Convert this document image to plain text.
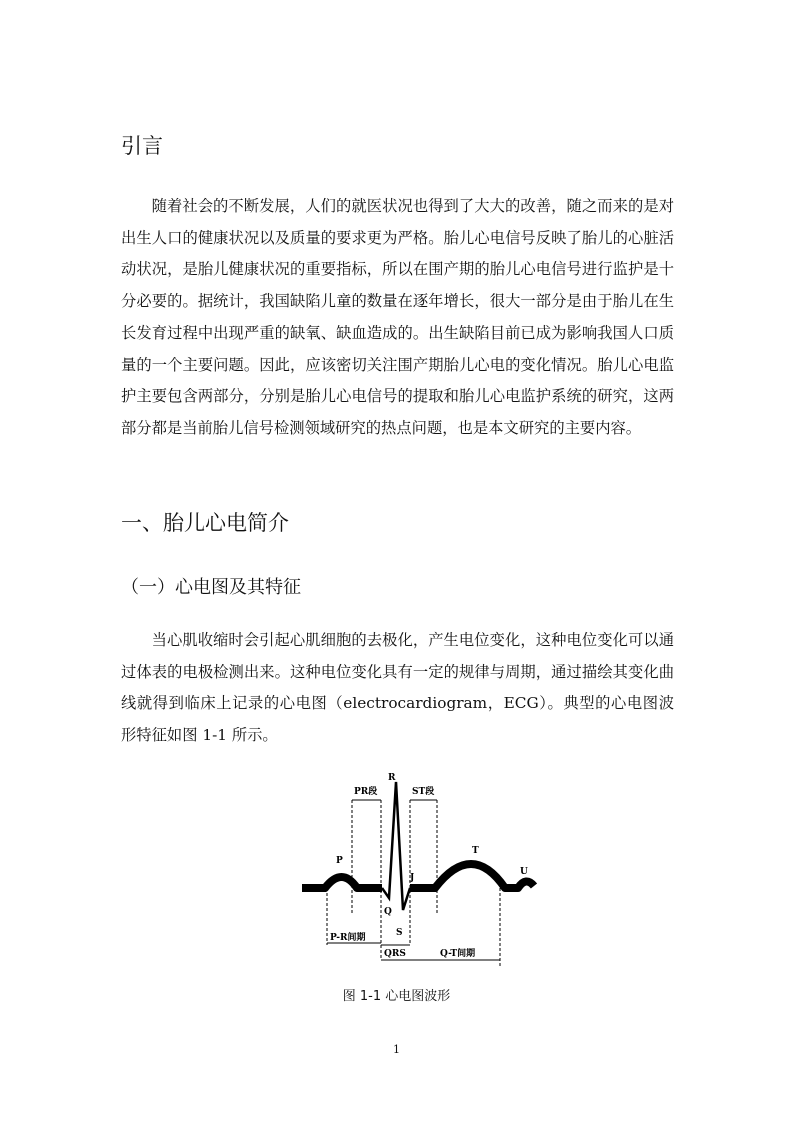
引言

随着社会的不断发展，人们的就医状况也得到了大大的改善，随之而来的是对出生人口的健康状况以及质量的要求更为严格。胎儿心电信号反映了胎儿的心脏活动状况，是胎儿健康状况的重要指标，所以在围产期的胎儿心电信号进行监护是十分必要的。据统计，我国缺陷儿童的数量在逐年增长，很大一部分是由于胎儿在生长发育过程中出现严重的缺氧、缺血造成的。出生缺陷目前已成为影响我国人口质量的一个主要问题。因此，应该密切关注围产期胎儿心电的变化情况。胎儿心电监护主要包含两部分，分别是胎儿心电信号的提取和胎儿心电监护系统的研究，这两部分都是当前胎儿信号检测领域研究的热点问题，也是本文研究的主要内容。

一、胎儿心电简介
（一）心电图及其特征

当心肌收缩时会引起心肌细胞的去极化，产生电位变化，这种电位变化可以通过体表的电极检测出来。这种电位变化具有一定的规律与周期，通过描绘其变化曲线就得到临床上记录的心电图（electrocardiogram，ECG）。典型的心电图波形特征如图 1-1 所示。

PR段	ST段
R
P
T
U
J
Q
S
P-R间期
QRS	Q-T间期
图 1-1 心电图波形
1
